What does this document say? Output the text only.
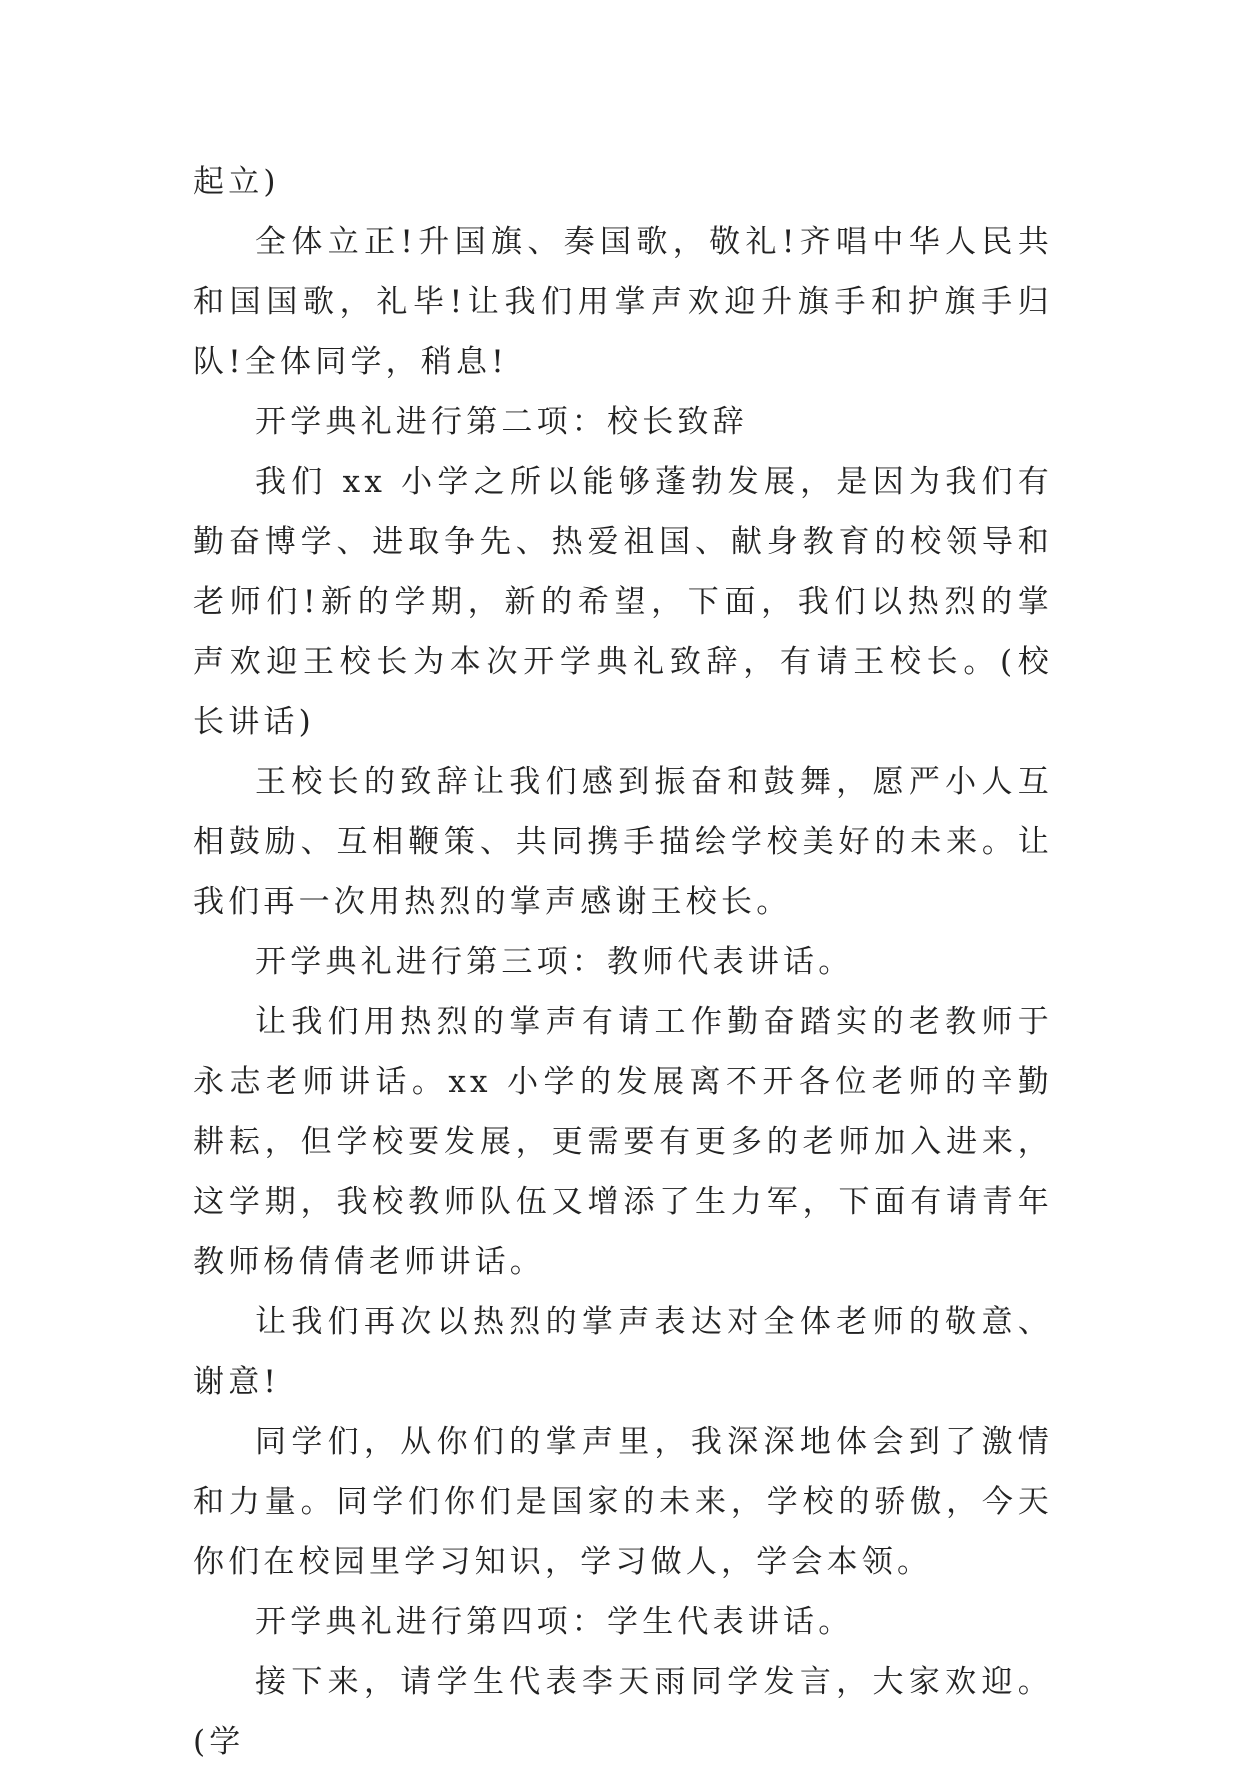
起立)

全体立正!升国旗、奏国歌，敬礼!齐唱中华人民共和国国歌，礼毕!让我们用掌声欢迎升旗手和护旗手归队!全体同学，稍息!

开学典礼进行第二项：校长致辞

我们 xx 小学之所以能够蓬勃发展，是因为我们有勤奋博学、进取争先、热爱祖国、献身教育的校领导和老师们!新的学期，新的希望，下面，我们以热烈的掌声欢迎王校长为本次开学典礼致辞，有请王校长。(校长讲话)

王校长的致辞让我们感到振奋和鼓舞，愿严小人互相鼓励、互相鞭策、共同携手描绘学校美好的未来。让我们再一次用热烈的掌声感谢王校长。

开学典礼进行第三项：教师代表讲话。

让我们用热烈的掌声有请工作勤奋踏实的老教师于永志老师讲话。xx 小学的发展离不开各位老师的辛勤耕耘，但学校要发展，更需要有更多的老师加入进来，这学期，我校教师队伍又增添了生力军，下面有请青年教师杨倩倩老师讲话。

让我们再次以热烈的掌声表达对全体老师的敬意、谢意!

同学们，从你们的掌声里，我深深地体会到了激情和力量。同学们你们是国家的未来，学校的骄傲，今天你们在校园里学习知识，学习做人，学会本领。

开学典礼进行第四项：学生代表讲话。

接下来，请学生代表李天雨同学发言，大家欢迎。(学
